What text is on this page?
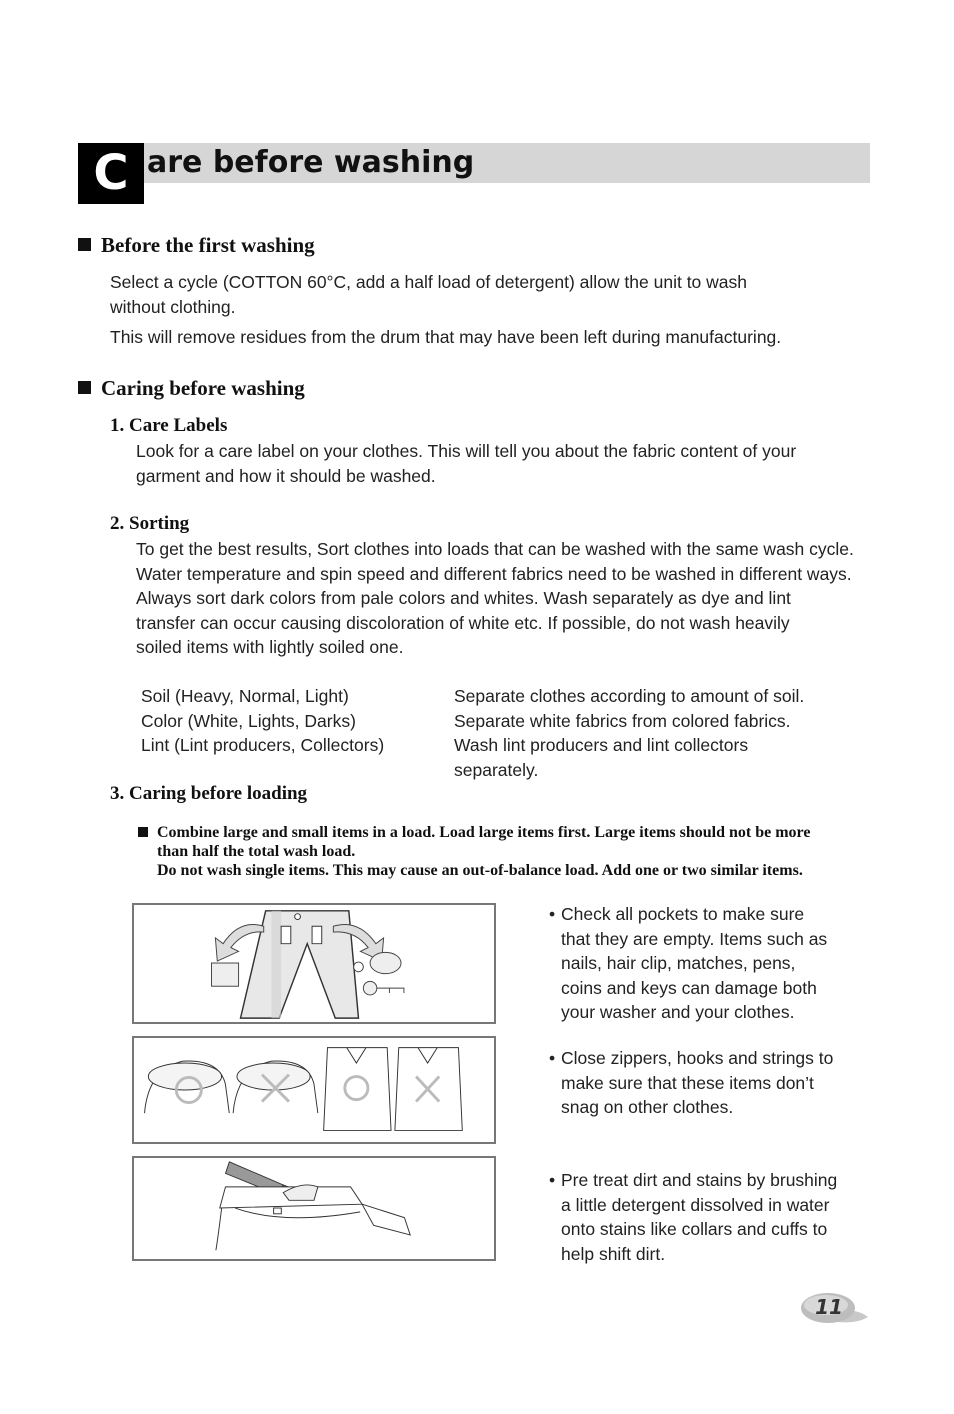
C are before washing
Before the first washing
Select a cycle (COTTON 60°C, add a half load of detergent) allow the unit to wash
without clothing.
This will remove residues from the drum that may have been left during manufacturing.
Caring before washing
1. Care Labels
Look for a care label on your clothes. This will tell you about the fabric content of your
garment and how it should be washed.
2. Sorting
To get the best results, Sort clothes into loads that can be washed with the same wash cycle.
Water temperature and spin speed and different fabrics need to be washed in different ways.
Always sort dark colors from pale colors and whites. Wash separately as dye and lint
transfer can occur causing discoloration of white etc. If possible, do not wash heavily
soiled items with lightly soiled one.
Soil (Heavy, Normal, Light)
Color (White, Lights, Darks)
Lint (Lint producers, Collectors)
Separate clothes according to amount of soil.
Separate white fabrics from colored fabrics.
Wash lint producers and lint collectors
separately.
3. Caring before loading
Combine large and small items in a load. Load large items first. Large items should not be more
than half the total wash load.
Do not wash single items. This may cause an out-of-balance load. Add one or two similar items.
• Check all pockets to make sure
that they are empty. Items such as
nails, hair clip, matches, pens,
coins and keys can damage both
your washer and your clothes.
• Close zippers, hooks and strings to
make sure that these items don’t
snag on other clothes.
• Pre treat dirt and stains by brushing
a little detergent dissolved in water
onto stains like collars and cuffs to
help shift dirt.
11
